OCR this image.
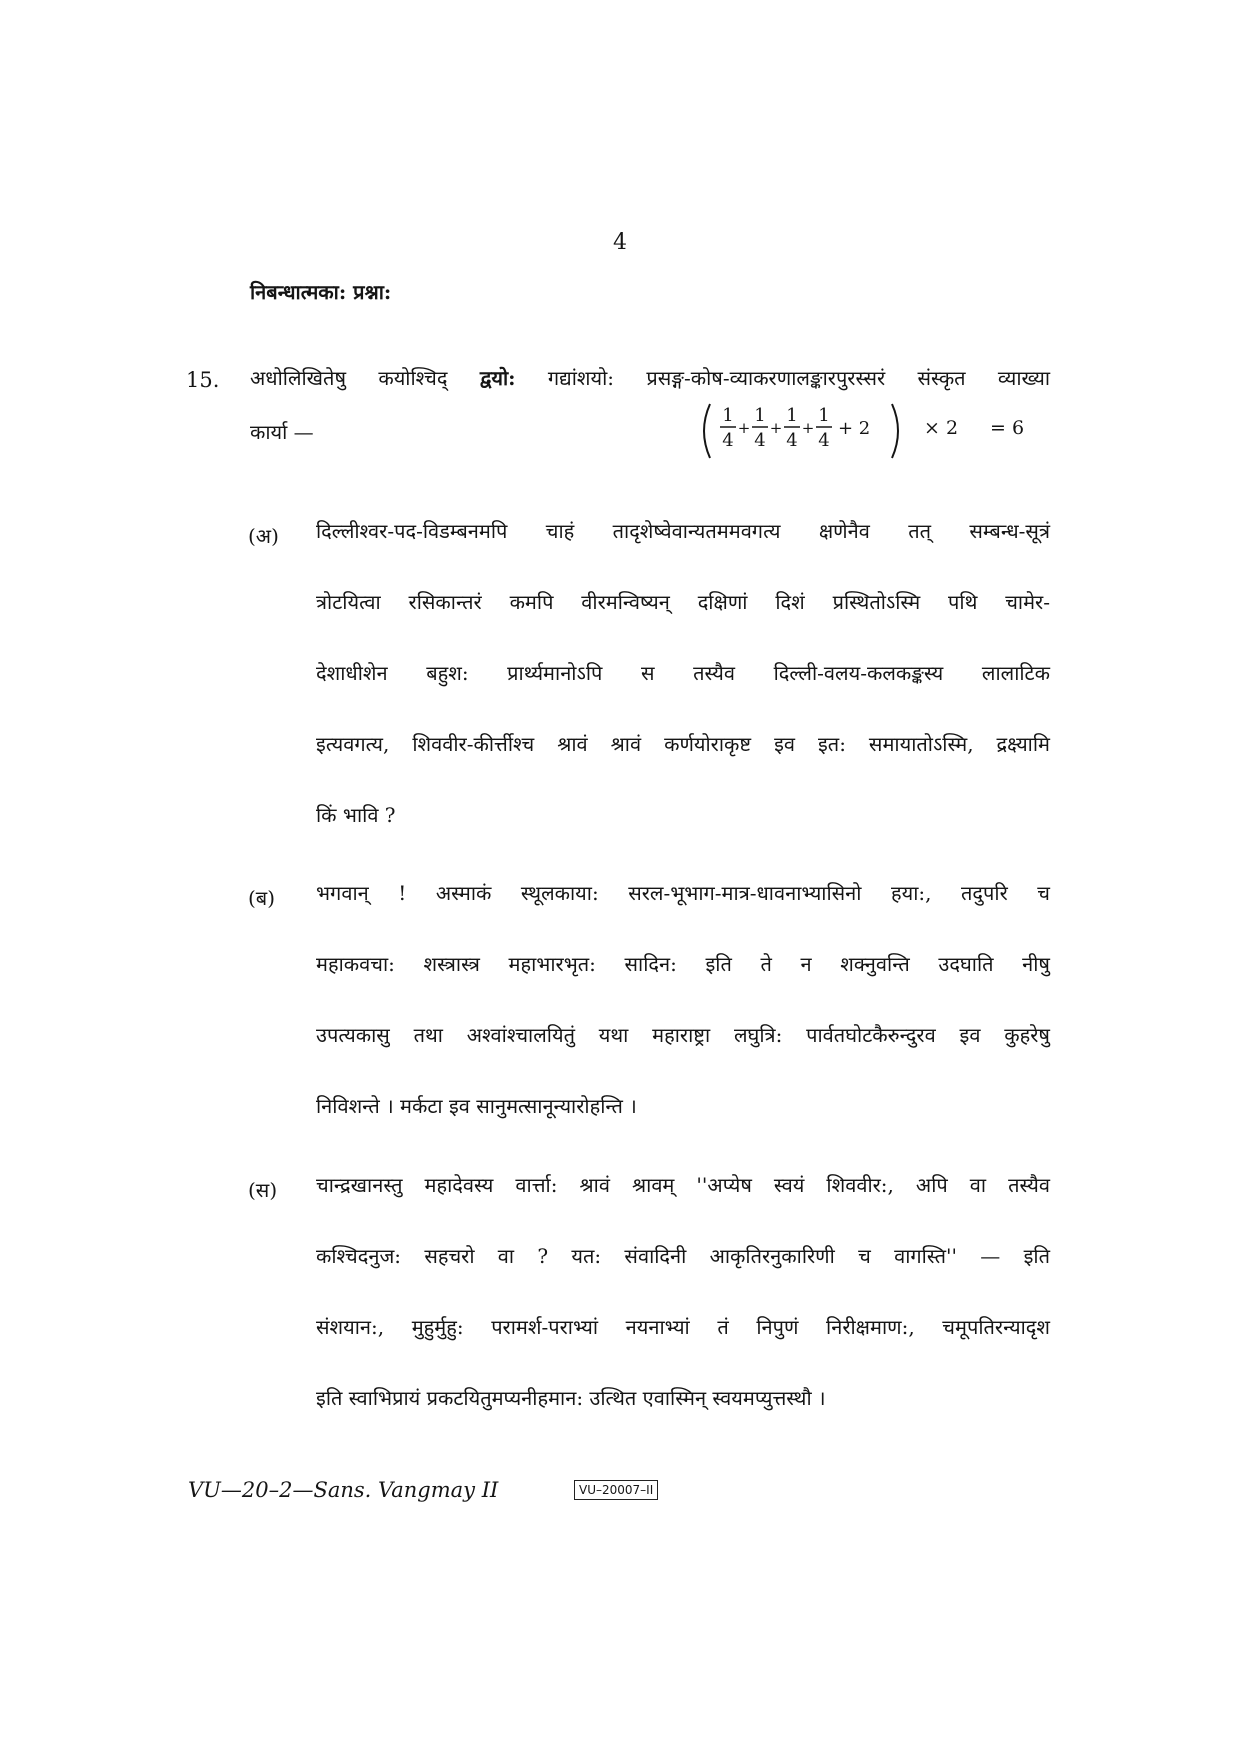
4
निबन्धात्मका: प्रश्ना:
15. अधोलिखितेषु कयोश्चिद् द्वयो: गद्यांशयो: प्रसङ्ग-कोष-व्याकरणालङ्कारपुरस्सरं संस्कृत व्याख्या
कार्या —
1
4
+
1
4
+
1
4
+
1
4
+ 2	× 2 = 6
(अ) दिल्लीश्वर-पद-विडम्बनमपि चाहं तादृशेष्वेवान्यतममवगत्य क्षणेनैव तत् सम्बन्ध-सूत्रं
त्रोटयित्वा रसिकान्तरं कमपि वीरमन्विष्यन् दक्षिणां दिशं प्रस्थितोऽस्मि पथि चामेर-
देशाधीशेन बहुश: प्रार्थ्यमानोऽपि स तस्यैव दिल्ली-वलय-कलकङ्कस्य लालाटिक
इत्यवगत्य, शिववीर-कीर्त्तीश्च श्रावं श्रावं कर्णयोराकृष्ट इव इत: समायातोऽस्मि, द्रक्ष्यामि
किं भावि ?
(ब) भगवान् ! अस्माकं स्थूलकाया: सरल-भूभाग-मात्र-धावनाभ्यासिनो हया:, तदुपरि च
महाकवचा: शस्त्रास्त्र महाभारभृत: सादिन: इति ते न शक्नुवन्ति उदघाति नीषु
उपत्यकासु तथा अश्वांश्चालयितुं यथा महाराष्ट्रा लघुत्रि: पार्वतघोटकैरुन्दुरव इव कुहरेषु
निविशन्ते । मर्कटा इव सानुमत्सानून्यारोहन्ति ।
(स) चान्द्रखानस्तु महादेवस्य वार्त्ता: श्रावं श्रावम् ''अप्येष स्वयं शिववीर:, अपि वा तस्यैव
कश्चिदनुज: सहचरो वा ? यत: संवादिनी आकृतिरनुकारिणी च वागस्ति'' — इति
संशयान:, मुहुर्मुहु: परामर्श-पराभ्यां नयनाभ्यां तं निपुणं निरीक्षमाण:, चमूपतिरन्यादृश
इति स्वाभिप्रायं प्रकटयितुमप्यनीहमान: उत्थित एवास्मिन् स्वयमप्युत्तस्थौ ।
VU—20–2—Sans. Vangmay II	VU–20007–II
